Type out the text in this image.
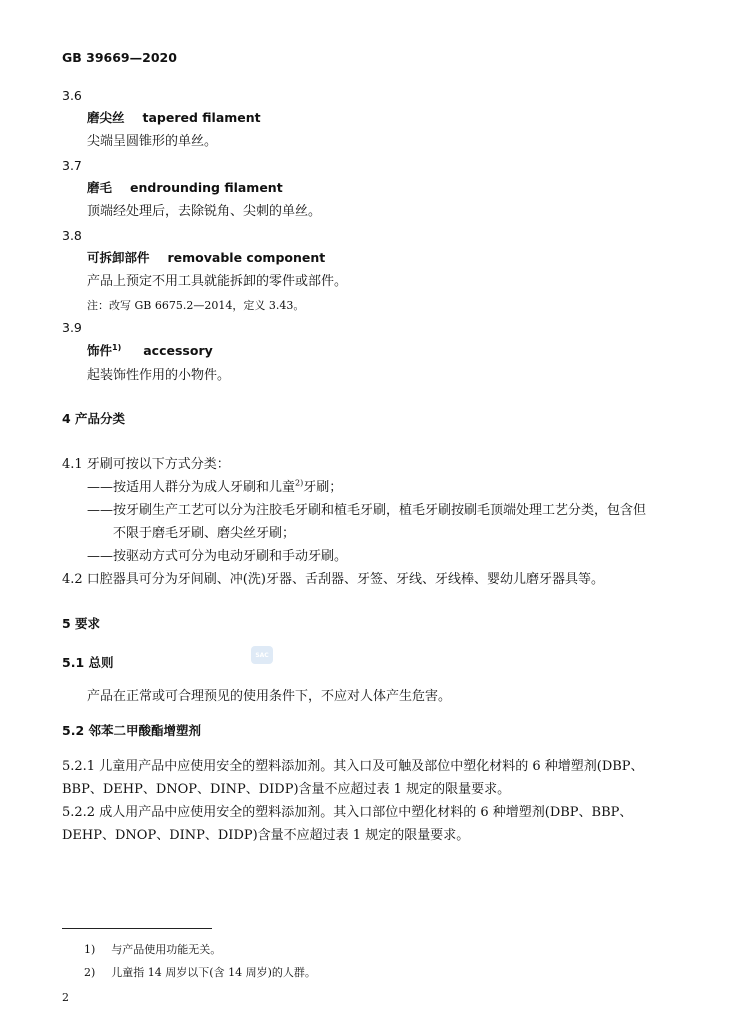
GB 39669—2020
3.6
磨尖丝 tapered filament
尖端呈圆锥形的单丝。
3.7
磨毛 endrounding filament
顶端经处理后，去除锐角、尖刺的单丝。
3.8
可拆卸部件 removable component
产品上预定不用工具就能拆卸的零件或部件。
注：改写 GB 6675.2—2014，定义 3.43。
3.9
饰件$^{1)}$ accessory
起装饰性作用的小物件。
4 产品分类
4.1 牙刷可按以下方式分类：
——按适用人群分为成人牙刷和儿童$^{2)}$牙刷；
——按牙刷生产工艺可以分为注胶毛牙刷和植毛牙刷，植毛牙刷按刷毛顶端处理工艺分类，包含但
不限于磨毛牙刷、磨尖丝牙刷；
——按驱动方式可分为电动牙刷和手动牙刷。
4.2 口腔器具可分为牙间刷、冲(洗)牙器、舌刮器、牙签、牙线、牙线棒、婴幼儿磨牙器具等。
5 要求
5.1 总则	SAC
产品在正常或可合理预见的使用条件下，不应对人体产生危害。
5.2 邻苯二甲酸酯增塑剂
5.2.1 儿童用产品中应使用安全的塑料添加剂。其入口及可触及部位中塑化材料的 6 种增塑剂(DBP、
BBP、DEHP、DNOP、DINP、DIDP)含量不应超过表 1 规定的限量要求。
5.2.2 成人用产品中应使用安全的塑料添加剂。其入口部位中塑化材料的 6 种增塑剂(DBP、BBP、
DEHP、DNOP、DINP、DIDP)含量不应超过表 1 规定的限量要求。
1) 与产品使用功能无关。
2) 儿童指 14 周岁以下(含 14 周岁)的人群。
2
